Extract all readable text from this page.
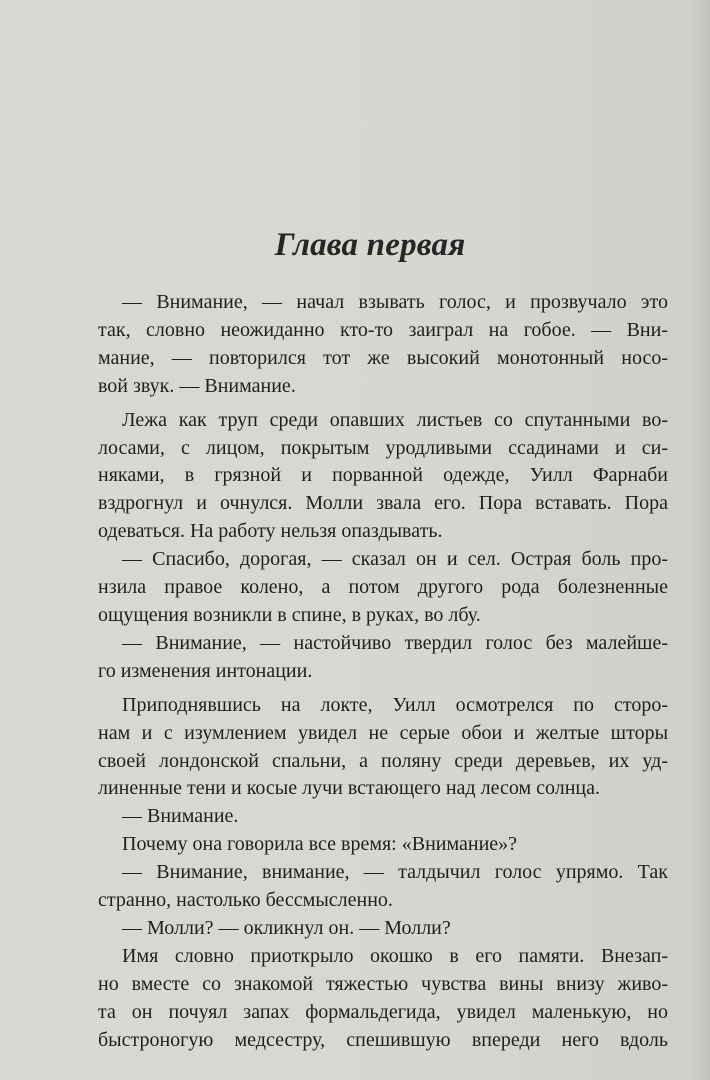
Глава первая
— Внимание, — начал взывать голос, и прозвучало это
так, словно неожиданно кто-то заиграл на гобое. — Вни-
мание, — повторился тот же высокий монотонный носо-
вой звук. — Внимание.
Лежа как труп среди опавших листьев со спутанными во-
лосами, с лицом, покрытым уродливыми ссадинами и си-
няками, в грязной и порванной одежде, Уилл Фарнаби
вздрогнул и очнулся. Молли звала его. Пора вставать. Пора
одеваться. На работу нельзя опаздывать.
— Спасибо, дорогая, — сказал он и сел. Острая боль про-
нзила правое колено, а потом другого рода болезненные
ощущения возникли в спине, в руках, во лбу.
— Внимание, — настойчиво твердил голос без малейше-
го изменения интонации.
Приподнявшись на локте, Уилл осмотрелся по сторо-
нам и с изумлением увидел не серые обои и желтые шторы
своей лондонской спальни, а поляну среди деревьев, их уд-
линенные тени и косые лучи встающего над лесом солнца.
— Внимание.
Почему она говорила все время: «Внимание»?
— Внимание, внимание, — талдычил голос упрямо. Так
странно, настолько бессмысленно.
— Молли? — окликнул он. — Молли?
Имя словно приоткрыло окошко в его памяти. Внезап-
но вместе со знакомой тяжестью чувства вины внизу живо-
та он почуял запах формальдегида, увидел маленькую, но
быстроногую медсестру, спешившую впереди него вдоль
